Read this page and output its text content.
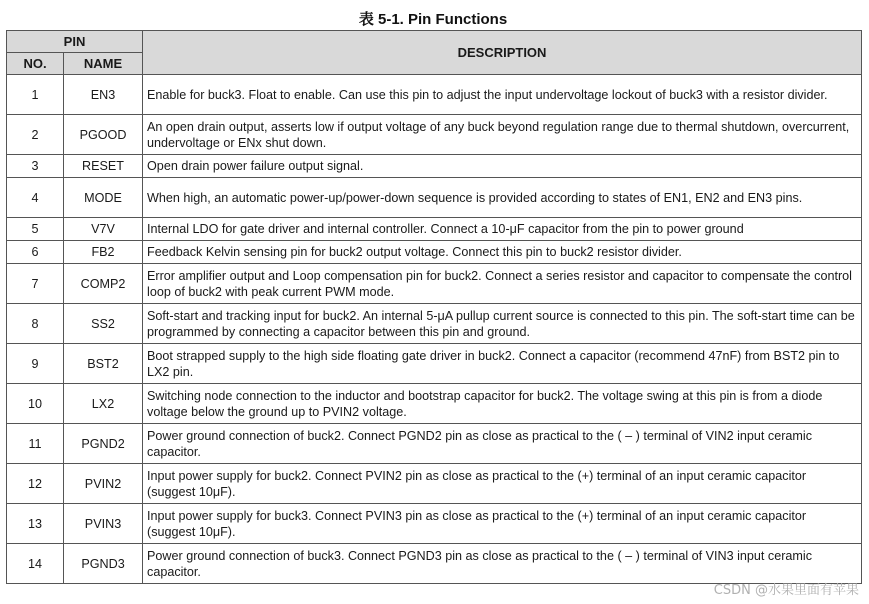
表 5-1. Pin Functions
PIN		DESCRIPTION
NO.	NAME	
1	EN3	Enable for buck3. Float to enable. Can use this pin to adjust the input undervoltage lockout of buck3 with a resistor divider.
2	PGOOD	An open drain output, asserts low if output voltage of any buck beyond regulation range due to thermal shutdown, overcurrent, undervoltage or ENx shut down.
3	RESET	Open drain power failure output signal.
4	MODE	When high, an automatic power-up/power-down sequence is provided according to states of EN1, EN2 and EN3 pins.
5	V7V	Internal LDO for gate driver and internal controller. Connect a 10-μF capacitor from the pin to power ground
6	FB2	Feedback Kelvin sensing pin for buck2 output voltage. Connect this pin to buck2 resistor divider.
7	COMP2	Error amplifier output and Loop compensation pin for buck2. Connect a series resistor and capacitor to compensate the control loop of buck2 with peak current PWM mode.
8	SS2	Soft-start and tracking input for buck2. An internal 5-μA pullup current source is connected to this pin. The soft-start time can be programmed by connecting a capacitor between this pin and ground.
9	BST2	Boot strapped supply to the high side floating gate driver in buck2. Connect a capacitor (recommend 47nF) from BST2 pin to LX2 pin.
10	LX2	Switching node connection to the inductor and bootstrap capacitor for buck2. The voltage swing at this pin is from a diode voltage below the ground up to PVIN2 voltage.
11	PGND2	Power ground connection of buck2. Connect PGND2 pin as close as practical to the ( – ) terminal of VIN2 input ceramic capacitor.
12	PVIN2	Input power supply for buck2. Connect PVIN2 pin as close as practical to the (+) terminal of an input ceramic capacitor (suggest 10μF).
13	PVIN3	Input power supply for buck3. Connect PVIN3 pin as close as practical to the (+) terminal of an input ceramic capacitor (suggest 10μF).
14	PGND3	Power ground connection of buck3. Connect PGND3 pin as close as practical to the ( – ) terminal of VIN3 input ceramic capacitor.
CSDN @水果里面有苹果
